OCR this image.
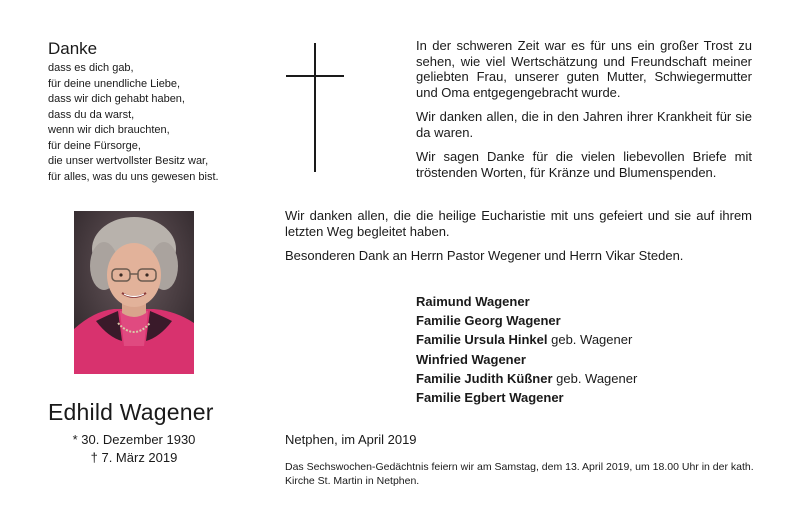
Danke
dass es dich gab,
für deine unendliche Liebe,
dass wir dich gehabt haben,
dass du da warst,
wenn wir dich brauchten,
für deine Fürsorge,
die unser wertvollster Besitz war,
für alles, was du uns gewesen bist.

In der schweren Zeit war es für uns ein großer Trost zu sehen, wie viel Wertschätzung und Freundschaft meiner geliebten Frau, unserer guten Mutter, Schwiegermutter und Oma entgegengebracht wurde.

Wir danken allen, die in den Jahren ihrer Krankheit für sie da waren.

Wir sagen Danke für die vielen liebevollen Briefe mit tröstenden Worten, für Kränze und Blumenspenden.

Edhild Wagener
* 30. Dezember 1930
† 7. März 2019

Wir danken allen, die die heilige Eucharistie mit uns gefeiert und sie auf ihrem letzten Weg begleitet haben.

Besonderen Dank an Herrn Pastor Wegener und Herrn Vikar Steden.

Raimund Wagener
Familie Georg Wagener
Familie Ursula Hinkel geb. Wagener
Winfried Wagener
Familie Judith Küßner geb. Wagener
Familie Egbert Wagener
Netphen, im April 2019
Das Sechswochen-Gedächtnis feiern wir am Samstag, dem 13. April 2019, um 18.00 Uhr in der kath. Kirche St. Martin in Netphen.
